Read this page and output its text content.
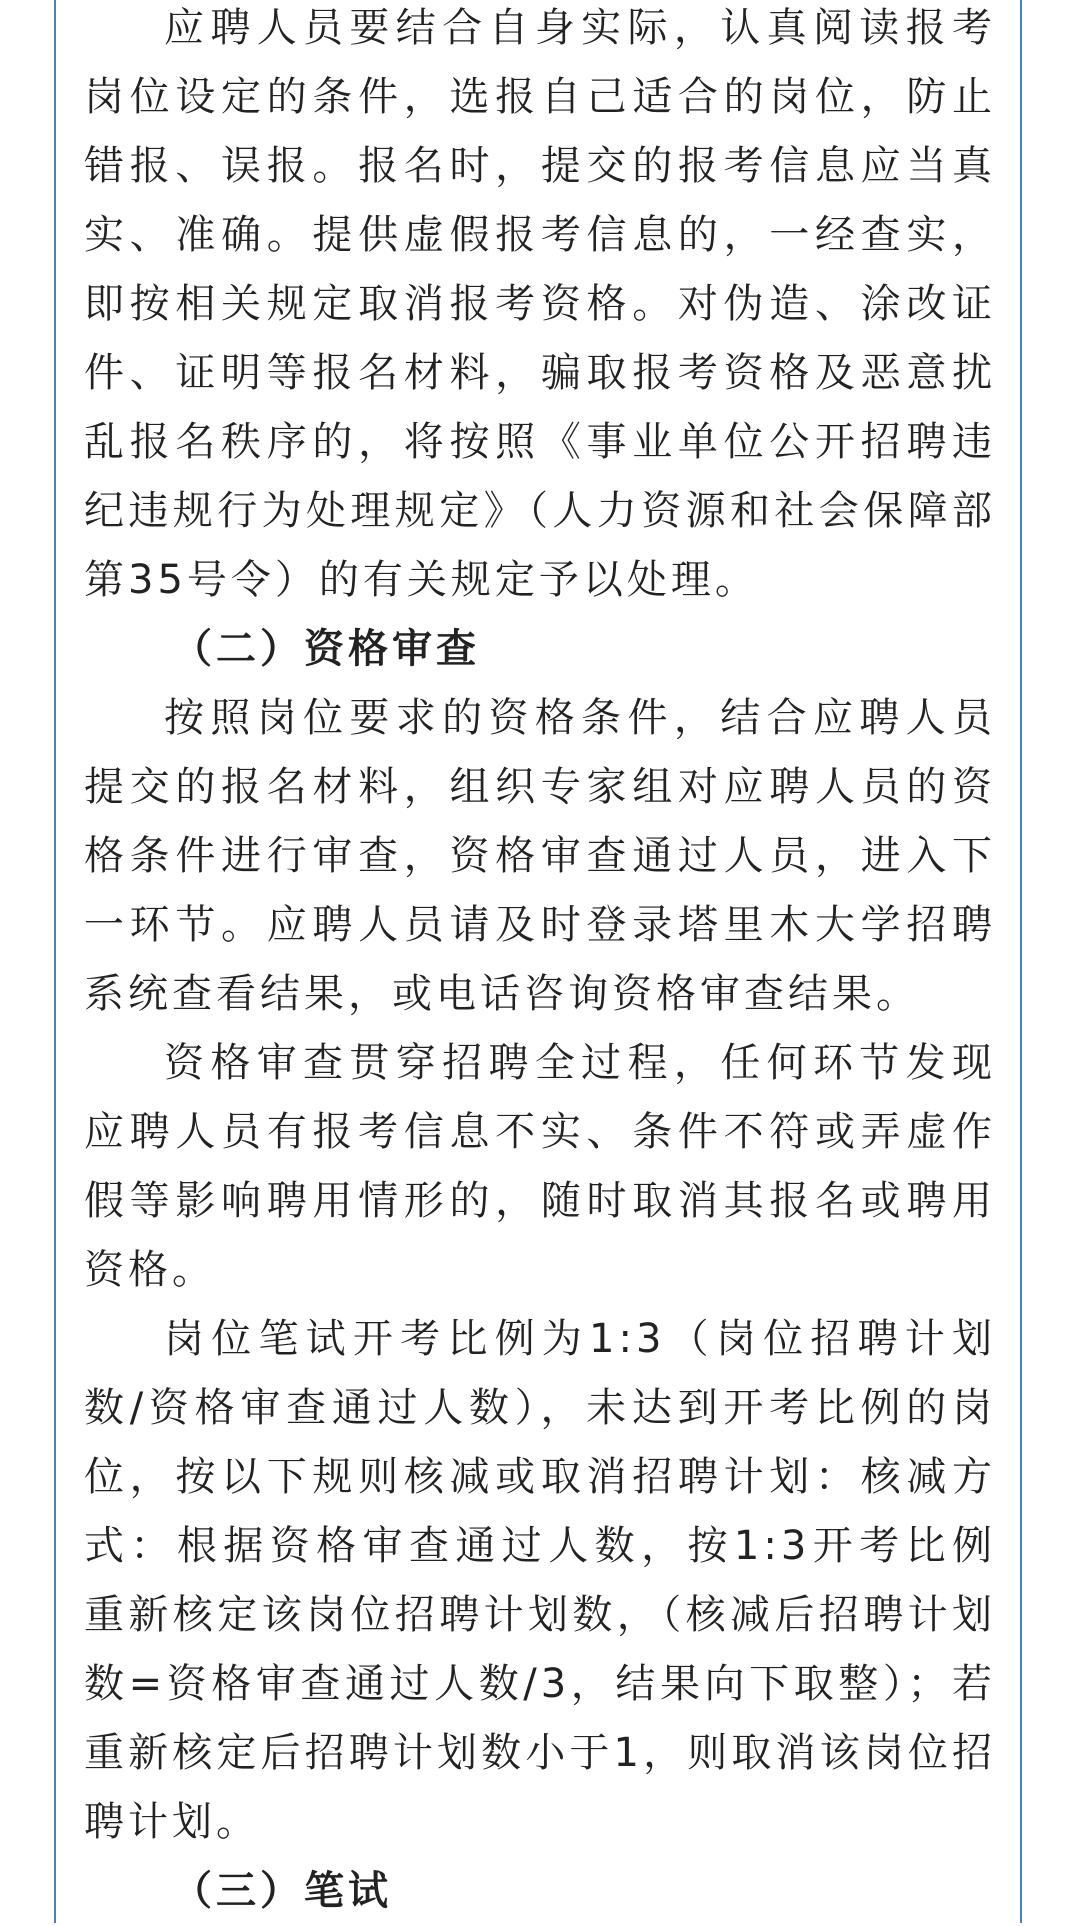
应聘人员要结合自身实际，认真阅读报考岗位设定的条件，选报自己适合的岗位，防止错报、误报。报名时，提交的报考信息应当真实、准确。提供虚假报考信息的，一经查实，即按相关规定取消报考资格。对伪造、涂改证件、证明等报名材料，骗取报考资格及恶意扰乱报名秩序的，将按照《事业单位公开招聘违纪违规行为处理规定》（人力资源和社会保障部第35号令）的有关规定予以处理。

（二）资格审查

按照岗位要求的资格条件，结合应聘人员提交的报名材料，组织专家组对应聘人员的资格条件进行审查，资格审查通过人员，进入下一环节。应聘人员请及时登录塔里木大学招聘系统查看结果，或电话咨询资格审查结果。

资格审查贯穿招聘全过程，任何环节发现应聘人员有报考信息不实、条件不符或弄虚作假等影响聘用情形的，随时取消其报名或聘用资格。

岗位笔试开考比例为1:3（岗位招聘计划数/资格审查通过人数），未达到开考比例的岗位，按以下规则核减或取消招聘计划：核减方式：根据资格审查通过人数，按1:3开考比例重新核定该岗位招聘计划数，（核减后招聘计划数=资格审查通过人数/3，结果向下取整）；若重新核定后招聘计划数小于1，则取消该岗位招聘计划。

（三）笔试
